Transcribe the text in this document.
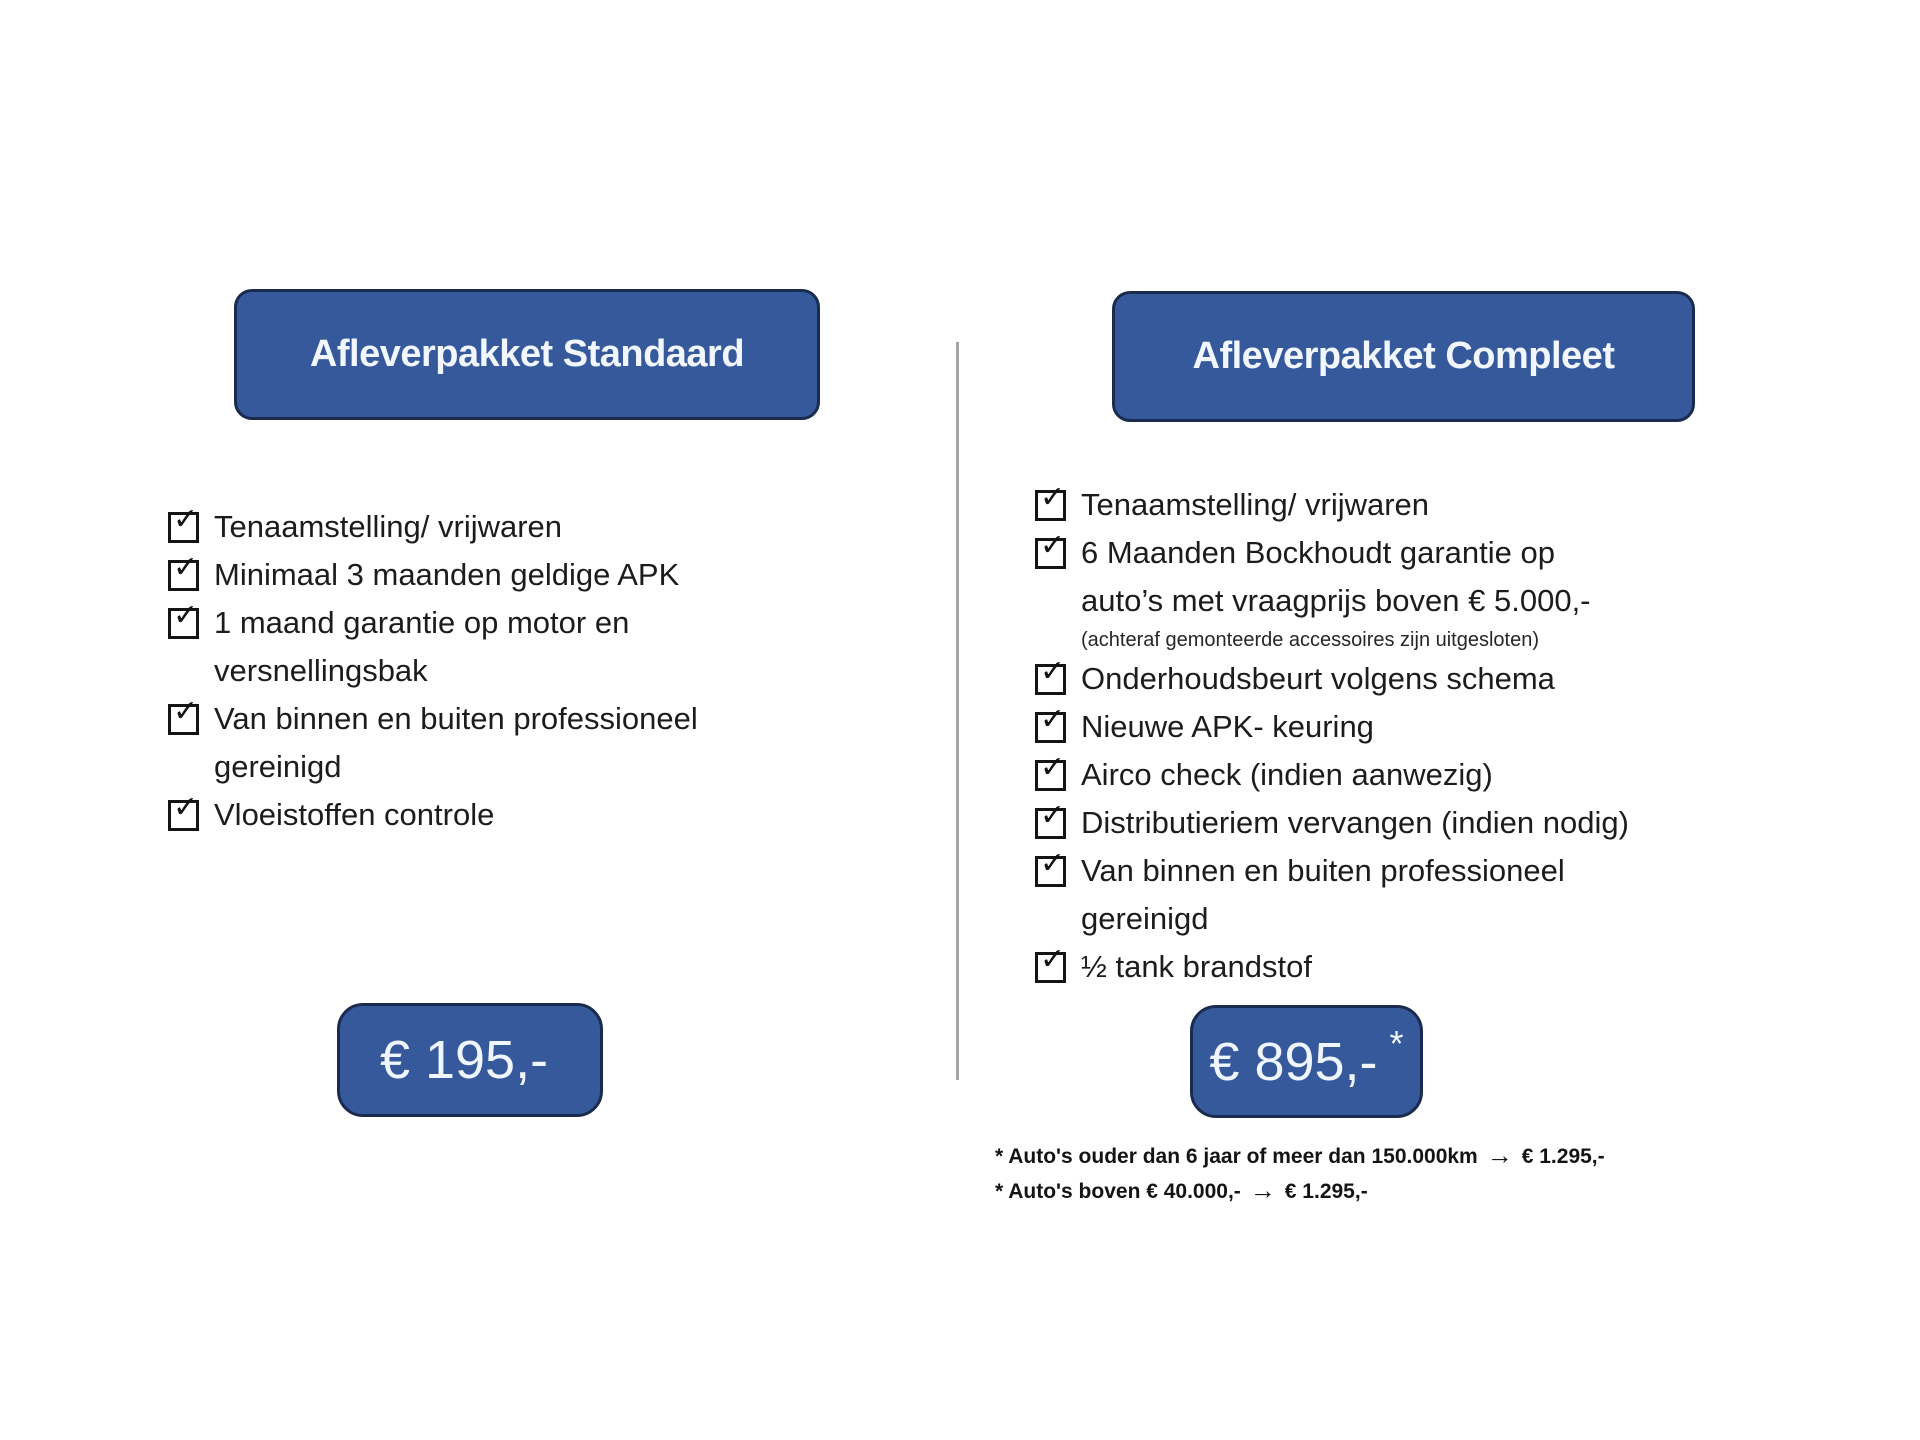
Afleverpakket Standaard	Afleverpakket Compleet
✓ Tenaamstelling/ vrijwaren
✓ Minimaal 3 maanden geldige APK
✓ 1 maand garantie op motor en
versnellingsbak
✓ Van binnen en buiten professioneel
gereinigd
✓ Vloeistoffen controle
✓ Tenaamstelling/ vrijwaren
✓ 6 Maanden Bockhoudt garantie op
auto’s met vraagprijs boven € 5.000,-
(achteraf gemonteerde accessoires zijn uitgesloten)
✓ Onderhoudsbeurt volgens schema
✓ Nieuwe APK- keuring
✓ Airco check (indien aanwezig)
✓ Distributieriem vervangen (indien nodig)
✓ Van binnen en buiten professioneel
gereinigd
✓ ½ tank brandstof
€ 195,-	€ 895,- *
* Auto's ouder dan 6 jaar of meer dan 150.000km → € 1.295,-
* Auto's boven € 40.000,- → € 1.295,-
